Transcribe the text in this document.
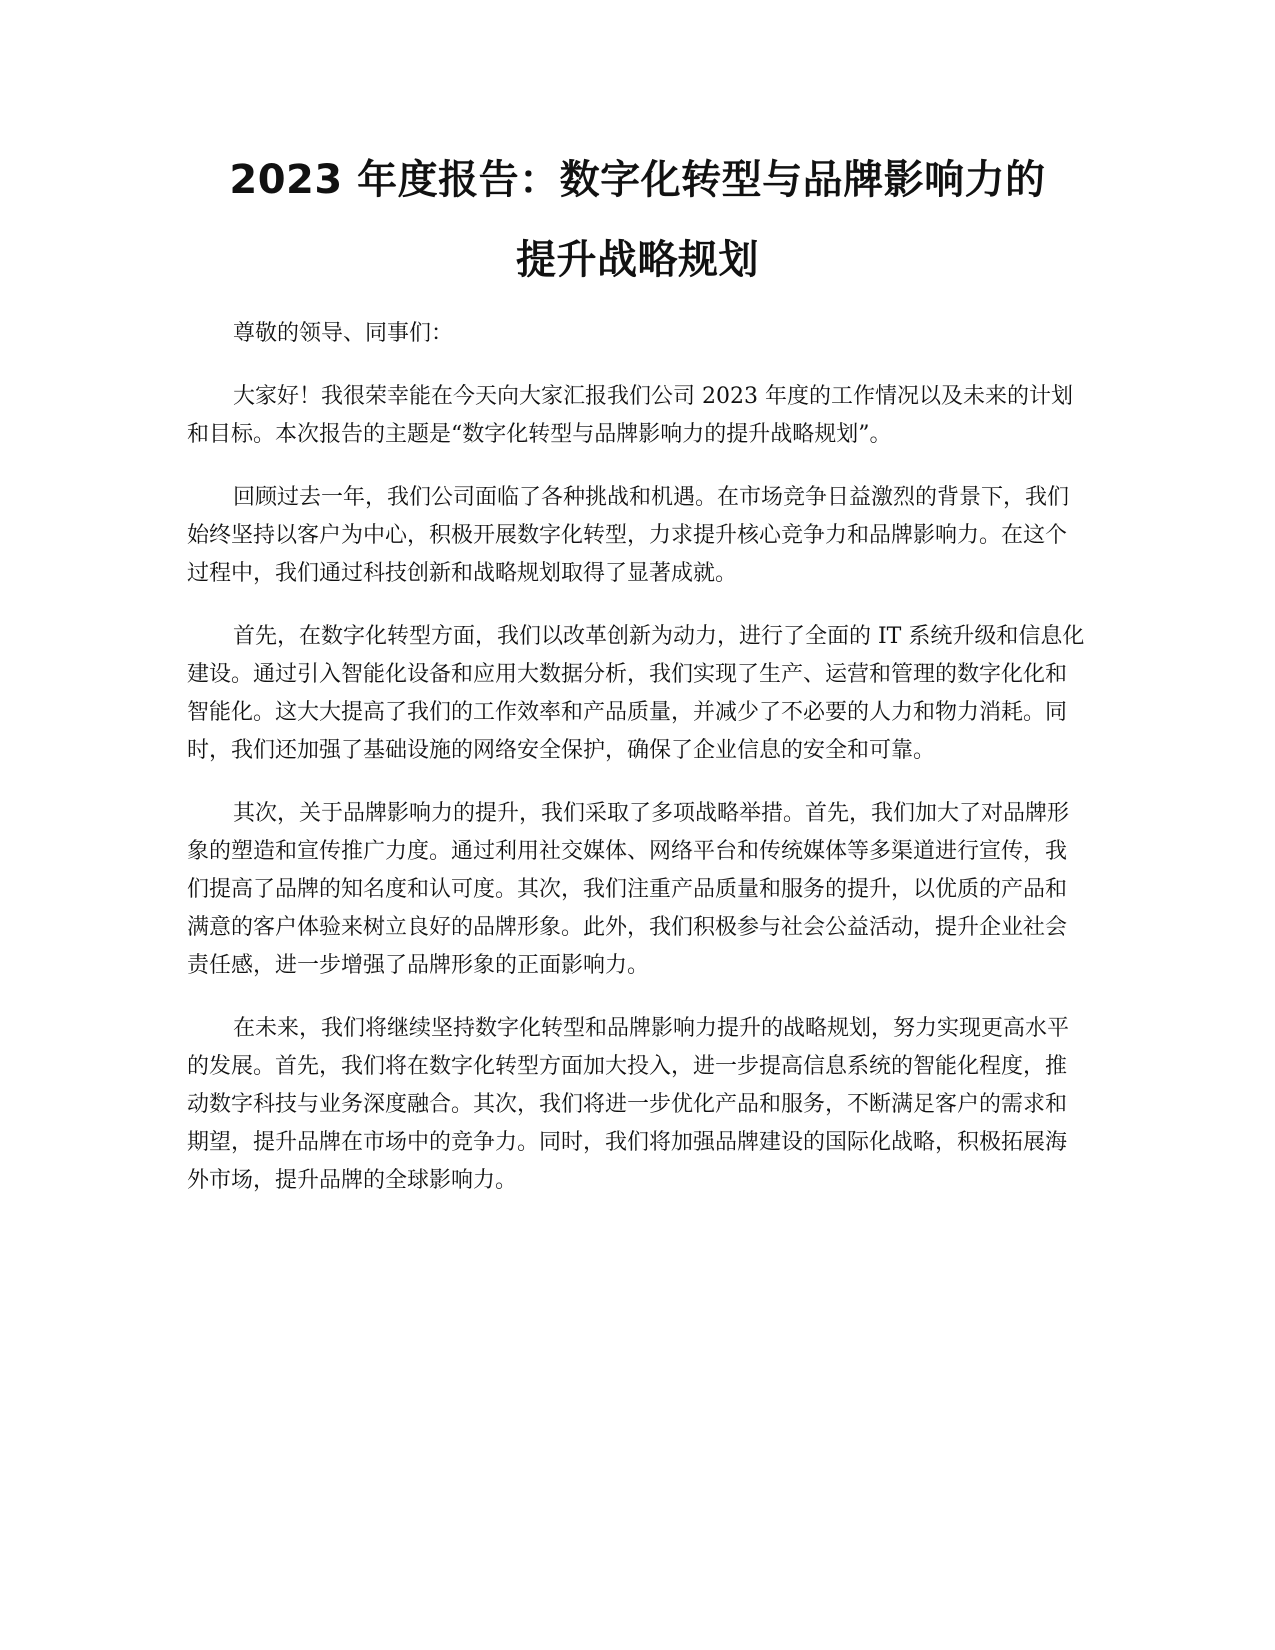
2023 年度报告：数字化转型与品牌影响力的
提升战略规划

尊敬的领导、同事们：

大家好！我很荣幸能在今天向大家汇报我们公司 2023 年度的工作情况以及未来的计划和目标。本次报告的主题是“数字化转型与品牌影响力的提升战略规划”。

回顾过去一年，我们公司面临了各种挑战和机遇。在市场竞争日益激烈的背景下，我们始终坚持以客户为中心，积极开展数字化转型，力求提升核心竞争力和品牌影响力。在这个过程中，我们通过科技创新和战略规划取得了显著成就。

首先，在数字化转型方面，我们以改革创新为动力，进行了全面的 IT 系统升级和信息化建设。通过引入智能化设备和应用大数据分析，我们实现了生产、运营和管理的数字化化和智能化。这大大提高了我们的工作效率和产品质量，并减少了不必要的人力和物力消耗。同时，我们还加强了基础设施的网络安全保护，确保了企业信息的安全和可靠。

其次，关于品牌影响力的提升，我们采取了多项战略举措。首先，我们加大了对品牌形象的塑造和宣传推广力度。通过利用社交媒体、网络平台和传统媒体等多渠道进行宣传，我们提高了品牌的知名度和认可度。其次，我们注重产品质量和服务的提升，以优质的产品和满意的客户体验来树立良好的品牌形象。此外，我们积极参与社会公益活动，提升企业社会责任感，进一步增强了品牌形象的正面影响力。

在未来，我们将继续坚持数字化转型和品牌影响力提升的战略规划，努力实现更高水平的发展。首先，我们将在数字化转型方面加大投入，进一步提高信息系统的智能化程度，推动数字科技与业务深度融合。其次，我们将进一步优化产品和服务，不断满足客户的需求和期望，提升品牌在市场中的竞争力。同时，我们将加强品牌建设的国际化战略，积极拓展海外市场，提升品牌的全球影响力。
